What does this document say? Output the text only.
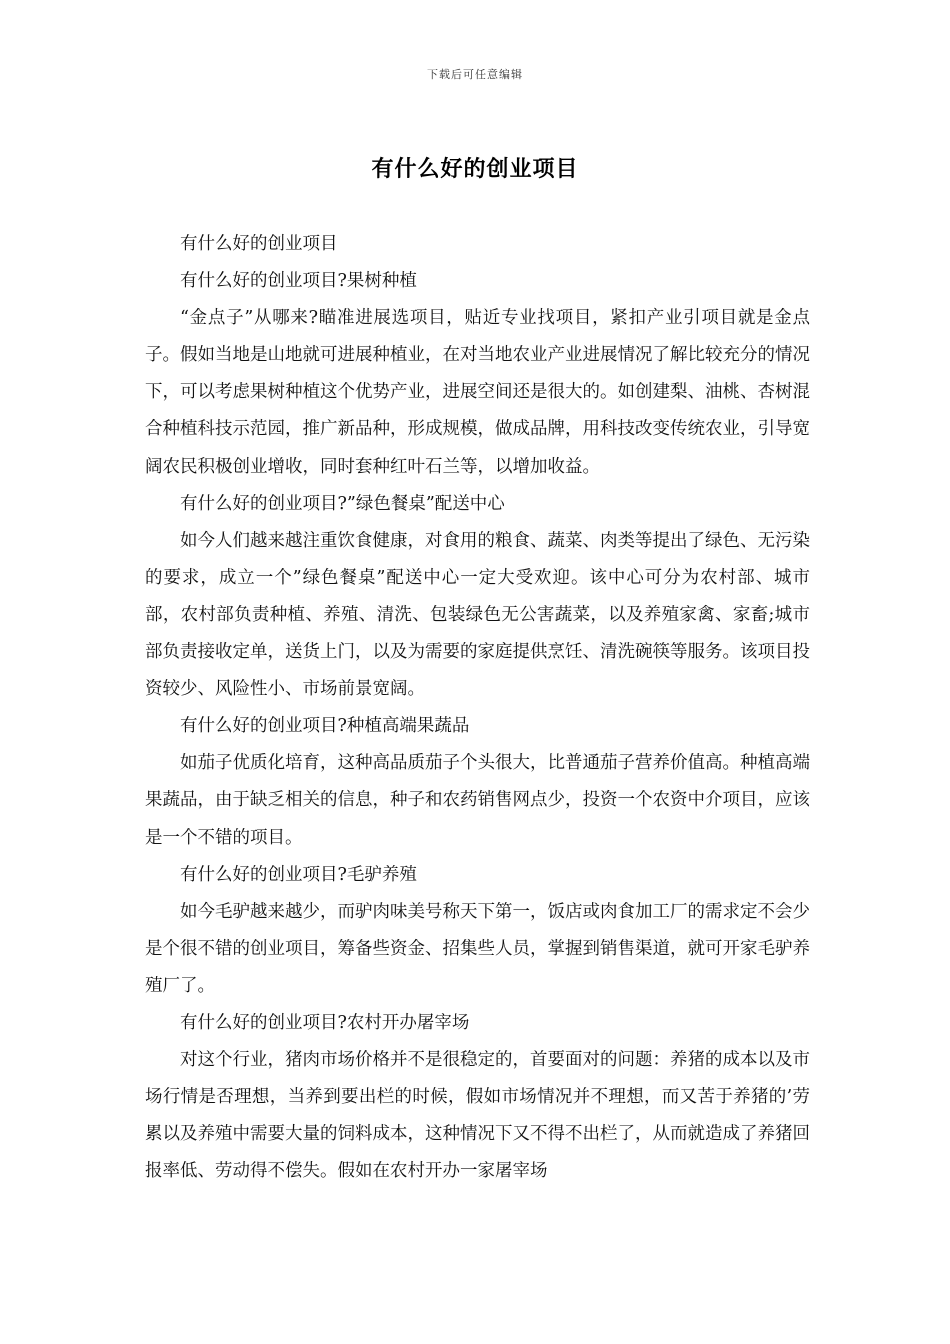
下载后可任意编辑
有什么好的创业项目

有什么好的创业项目

有什么好的创业项目?果树种植

“金点子”从哪来?瞄准进展选项目，贴近专业找项目，紧扣产业引项目就是金点子。假如当地是山地就可进展种植业，在对当地农业产业进展情况了解比较充分的情况下，可以考虑果树种植这个优势产业，进展空间还是很大的。如创建梨、油桃、杏树混合种植科技示范园，推广新品种，形成规模，做成品牌，用科技改变传统农业，引导宽阔农民积极创业增收，同时套种红叶石兰等，以增加收益。

有什么好的创业项目?”绿色餐桌”配送中心

如今人们越来越注重饮食健康，对食用的粮食、蔬菜、肉类等提出了绿色、无污染的要求，成立一个”绿色餐桌”配送中心一定大受欢迎。该中心可分为农村部、城市部，农村部负责种植、养殖、清洗、包装绿色无公害蔬菜，以及养殖家禽、家畜;城市部负责接收定单，送货上门，以及为需要的家庭提供烹饪、清洗碗筷等服务。该项目投资较少、风险性小、市场前景宽阔。

有什么好的创业项目?种植高端果蔬品

如茄子优质化培育，这种高品质茄子个头很大，比普通茄子营养价值高。种植高端果蔬品，由于缺乏相关的信息，种子和农药销售网点少，投资一个农资中介项目，应该是一个不错的项目。

有什么好的创业项目?毛驴养殖

如今毛驴越来越少，而驴肉味美号称天下第一，饭店或肉食加工厂的需求定不会少是个很不错的创业项目，筹备些资金、招集些人员，掌握到销售渠道，就可开家毛驴养殖厂了。

有什么好的创业项目?农村开办屠宰场

对这个行业，猪肉市场价格并不是很稳定的，首要面对的问题：养猪的成本以及市场行情是否理想，当养到要出栏的时候，假如市场情况并不理想，而又苦于养猪的’劳累以及养殖中需要大量的饲料成本，这种情况下又不得不出栏了，从而就造成了养猪回报率低、劳动得不偿失。假如在农村开办一家屠宰场
